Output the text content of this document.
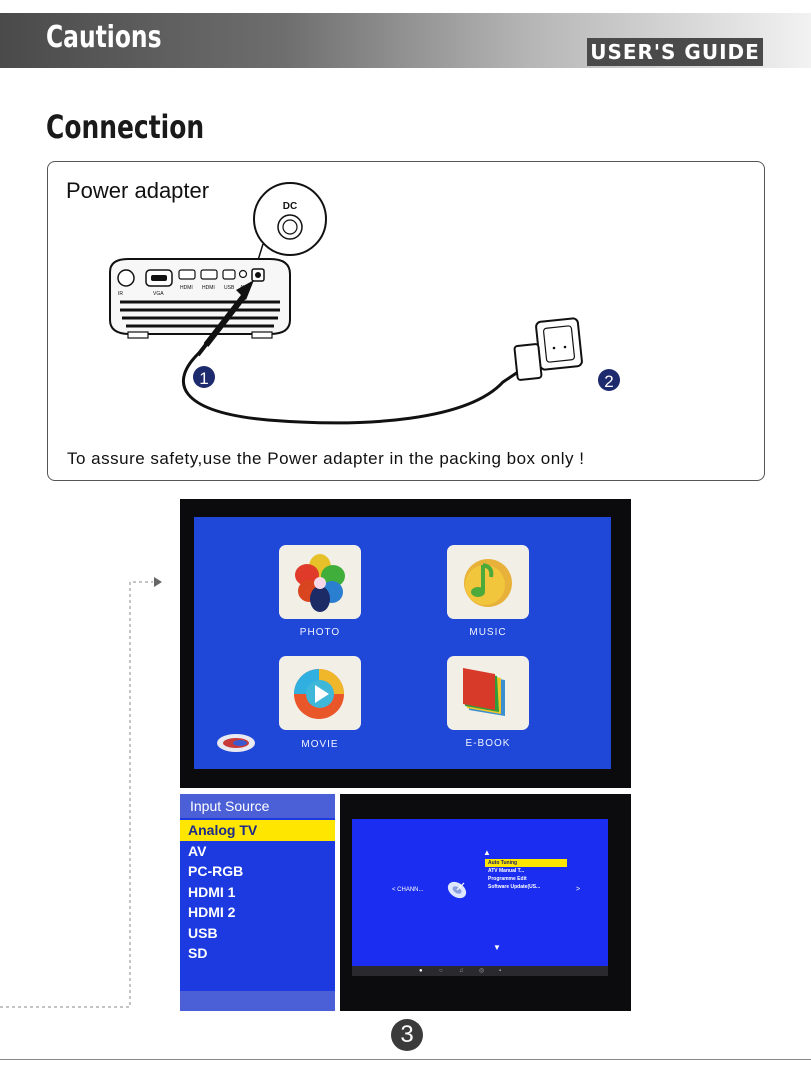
Cautions	USER'S GUIDE
Connection
Power adapter
DC
IR	VGA
HDMI HDMI USB
1	2
To assure safety,use the Power adapter in the packing box only !
PHOTO	MUSIC
MOVIE	E-BOOK
Input Source
Analog TV
AV
PC-RGB
HDMI 1
HDMI 2
USB
SD
▲
Auto Tuning
ATV Manual T...
Programme Edit
Software Update(US...
< CHANN...	>
▼
●	○	♫	◎ ▪
3
